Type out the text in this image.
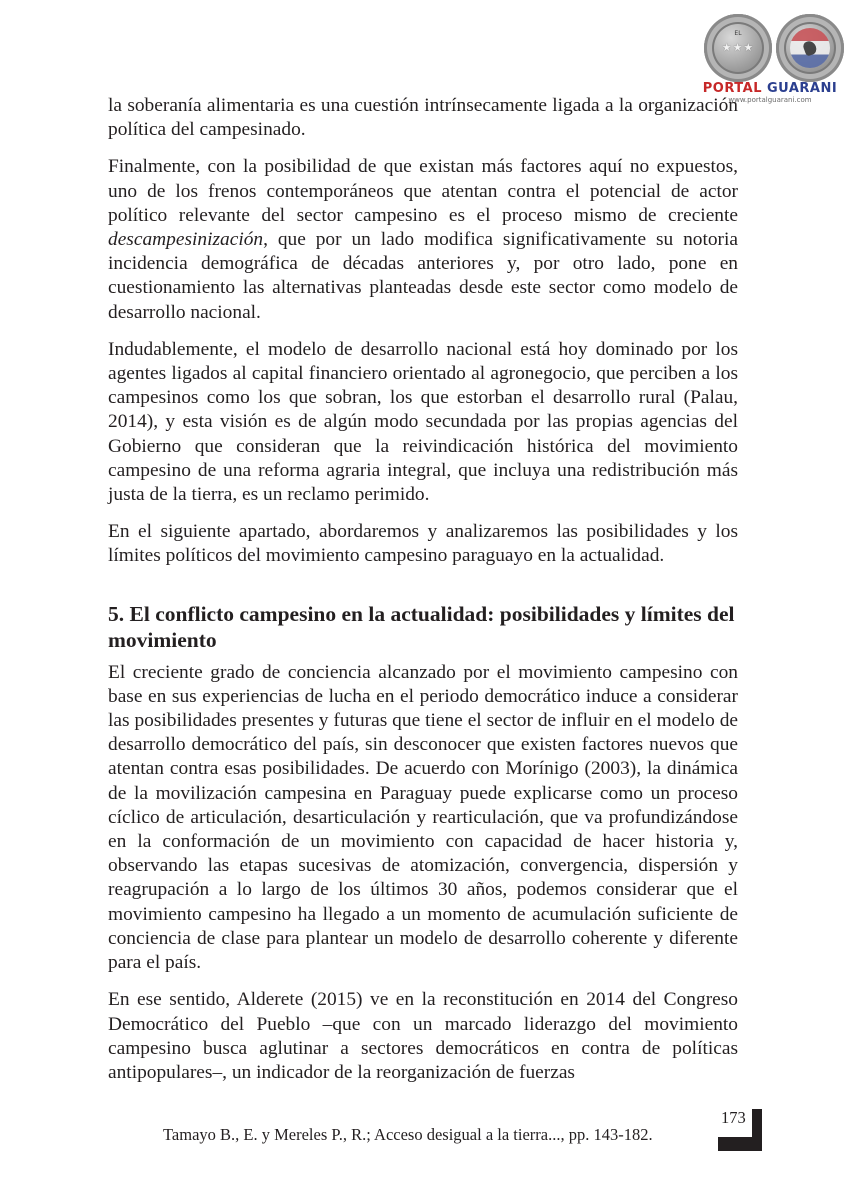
EL
★★★
PORTAL GUARANI
www.portalguarani.com

la soberanía alimentaria es una cuestión intrínsecamente ligada a la organización política del campesinado.

Finalmente, con la posibilidad de que existan más factores aquí no expuestos, uno de los frenos contemporáneos que atentan contra el potencial de actor político relevante del sector campesino es el proceso mismo de creciente descampesinización, que por un lado modifica significativamente su notoria incidencia demográfica de décadas anteriores y, por otro lado, pone en cuestionamiento las alternativas planteadas desde este sector como modelo de desarrollo nacional.

Indudablemente, el modelo de desarrollo nacional está hoy dominado por los agentes ligados al capital financiero orientado al agronegocio, que perciben a los campesinos como los que sobran, los que estorban el desarrollo rural (Palau, 2014), y esta visión es de algún modo secundada por las propias agencias del Gobierno que consideran que la reivindicación histórica del movimiento campesino de una reforma agraria integral, que incluya una redistribución más justa de la tierra, es un reclamo perimido.

En el siguiente apartado, abordaremos y analizaremos las posibilidades y los límites políticos del movimiento campesino paraguayo en la actualidad.

5. El conflicto campesino en la actualidad: posibilidades y límites del movimiento

El creciente grado de conciencia alcanzado por el movimiento campesino con base en sus experiencias de lucha en el periodo democrático induce a considerar las posibilidades presentes y futuras que tiene el sector de influir en el modelo de desarrollo democrático del país, sin desconocer que existen factores nuevos que atentan contra esas posibilidades. De acuerdo con Morínigo (2003), la dinámica de la movilización campesina en Paraguay puede explicarse como un proceso cíclico de articulación, desarticulación y rearticulación, que va profundizándose en la conformación de un movimiento con capacidad de hacer historia y, observando las etapas sucesivas de atomización, convergencia, dispersión y reagrupación a lo largo de los últimos 30 años, podemos considerar que el movimiento campesino ha llegado a un momento de acumulación suficiente de conciencia de clase para plantear un modelo de desarrollo coherente y diferente para el país.

En ese sentido, Alderete (2015) ve en la reconstitución en 2014 del Congreso Democrático del Pueblo –que con un marcado liderazgo del movimiento campesino busca aglutinar a sectores democráticos en contra de políticas antipopulares–, un indicador de la reorganización de fuerzas

Tamayo B., E. y Mereles P., R.; Acceso desigual a la tierra..., pp. 143-182.
173
